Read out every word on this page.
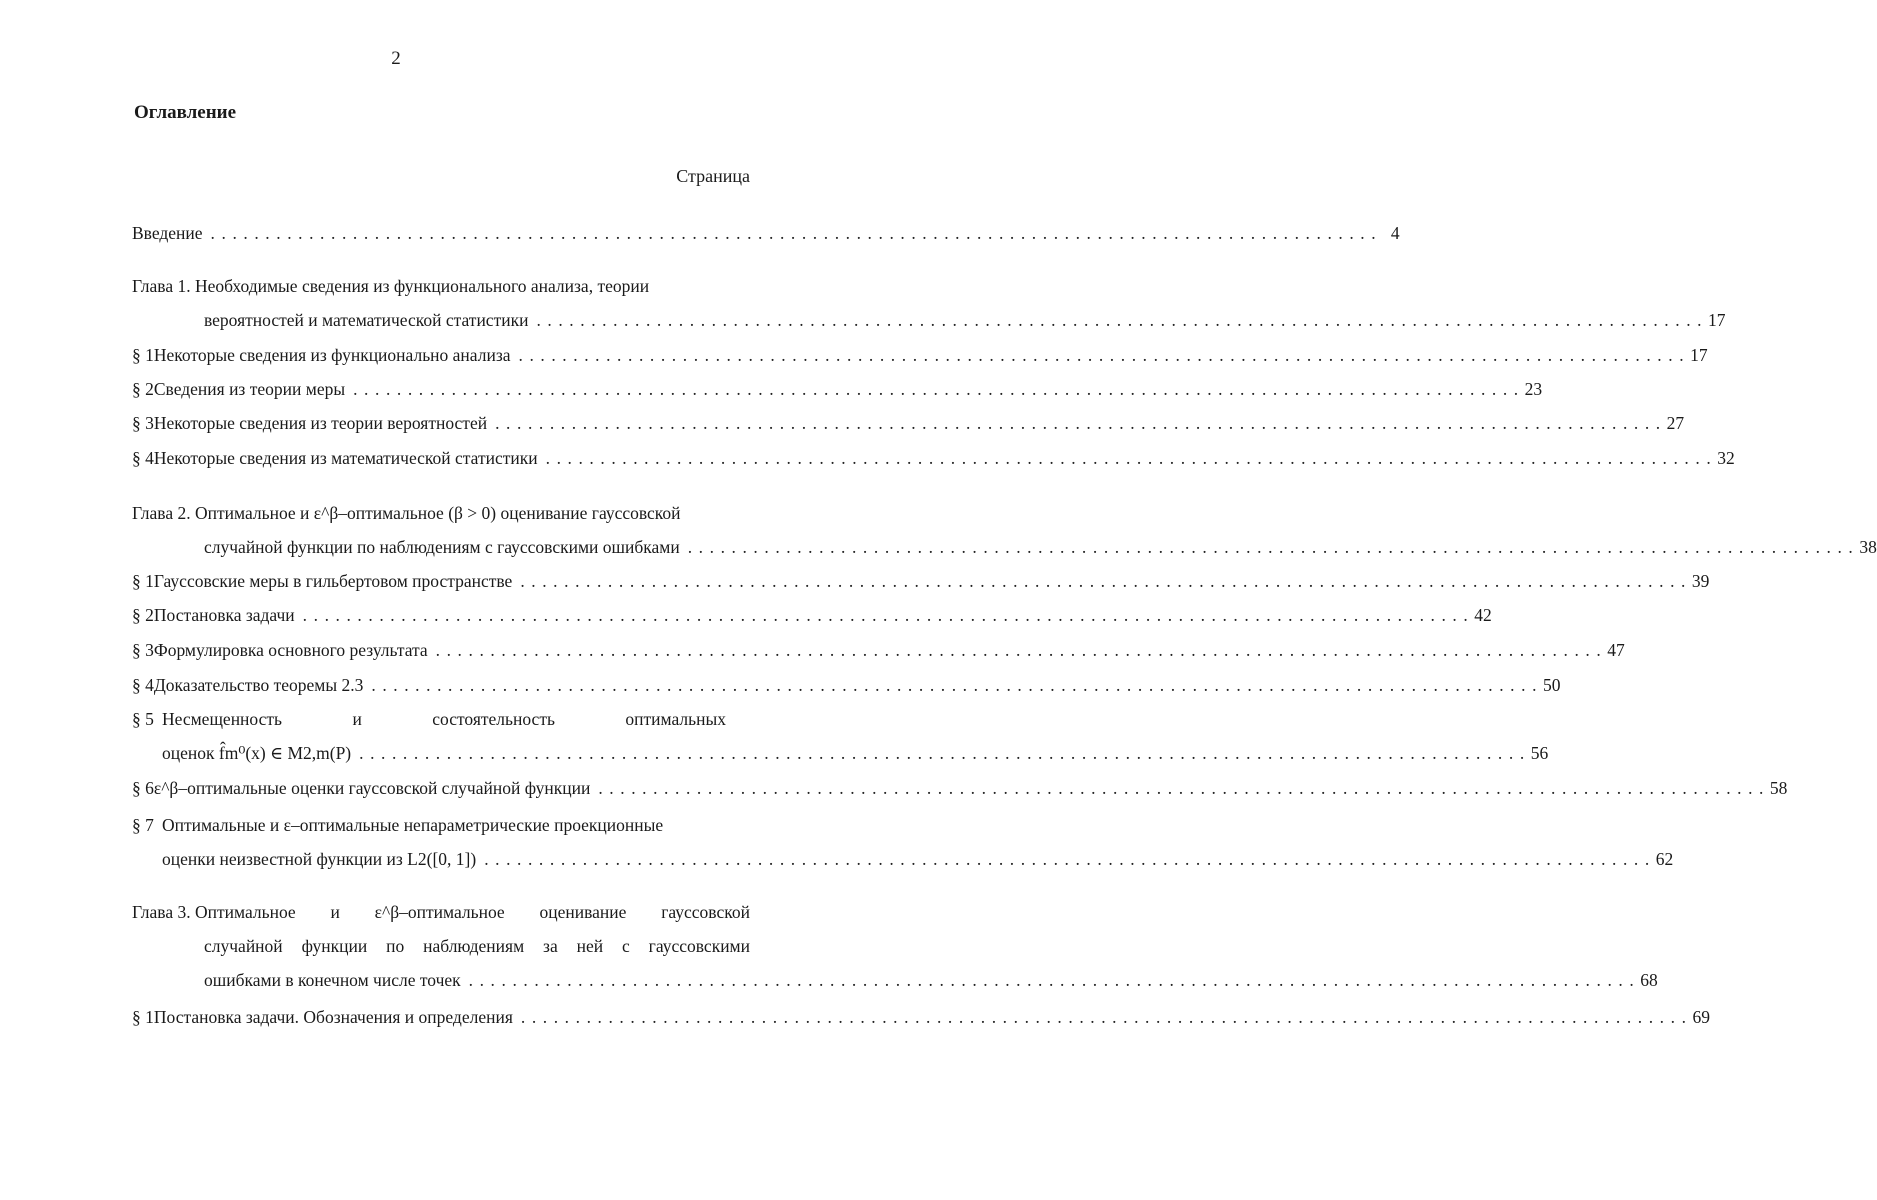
2
Оглавление
Страница
Введение . . .	4
Глава 1. Необходимые сведения из функционального анализа, теории
вероятностей и математической статистики . . .	17
§ 1 Некоторые сведения из функционально анализа . . .	17
§ 2 Сведения из теории меры . . .	23
§ 3 Некоторые сведения из теории вероятностей . . .	27
§ 4 Некоторые сведения из математической статистики . . .	32
Глава 2. Оптимальное и ε^β–оптимальное (β > 0) оценивание гауссовской
случайной функции по наблюдениям с гауссовскими ошибками . . .	38
§ 1 Гауссовские меры в гильбертовом пространстве . . .	39
§ 2 Постановка задачи . . .	42
§ 3 Формулировка основного результата . . .	47
§ 4 Доказательство теоремы 2.3 . . .	50
§ 5 Несмещенность	и	состоятельность	оптимальных
оценок f̂m⁰(x) ∈ M2,m(P) . . .	56
§ 6 ε^β–оптимальные оценки гауссовской случайной функции . . .	58
§ 7 Оптимальные и ε–оптимальные непараметрические проекционные
оценки неизвестной функции из L2([0, 1]) . . .	62
Глава 3. Оптимальное и ε^β–оптимальное оценивание гауссовской
случайной функции по наблюдениям за ней с гауссовскими
ошибками в конечном числе точек . . .	68
§ 1 Постановка задачи. Обозначения и определения . . .	69
